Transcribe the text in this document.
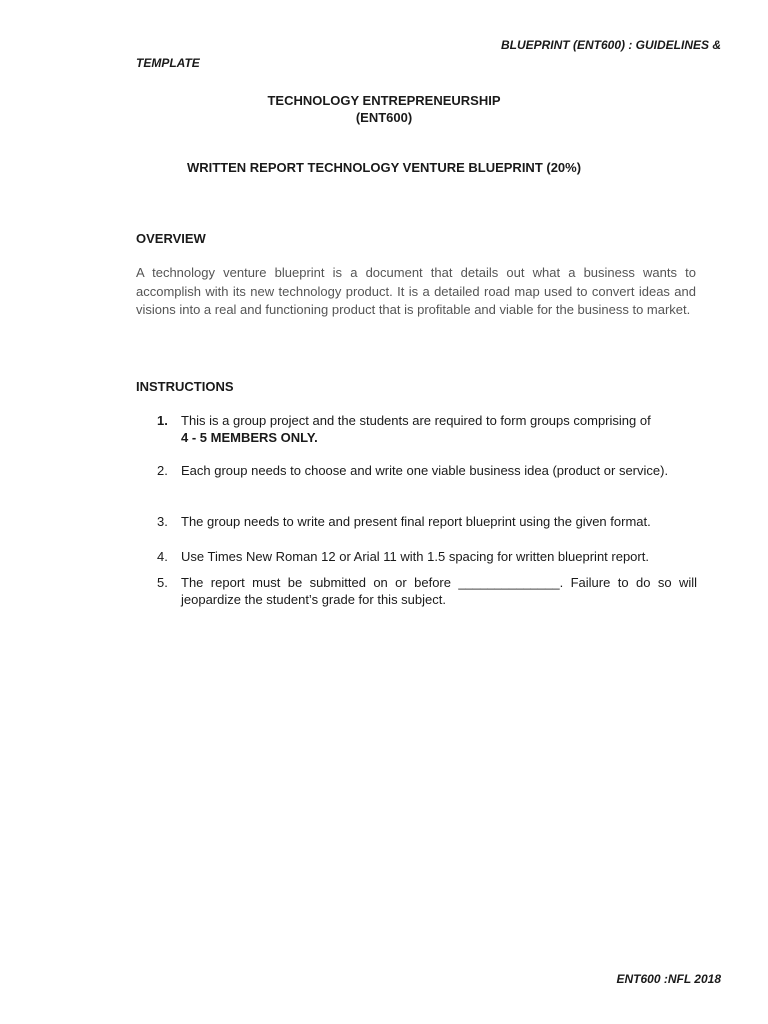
BLUEPRINT (ENT600) : GUIDELINES &
TEMPLATE
TECHNOLOGY ENTREPRENEURSHIP
(ENT600)
WRITTEN REPORT TECHNOLOGY VENTURE BLUEPRINT (20%)
OVERVIEW
A technology venture blueprint is a document that details out what a business wants to accomplish with its new technology product. It is a detailed road map used to convert ideas and visions into a real and functioning product that is profitable and viable for the business to market.
INSTRUCTIONS
1.	This is a group project and the students are required to form groups comprising of
4 - 5 MEMBERS ONLY.
2.	Each group needs to choose and write one viable business idea (product or service).
3.	The group needs to write and present final report blueprint using the given format.
4.	Use Times New Roman 12 or Arial 11 with 1.5 spacing for written blueprint report.
5.	The report must be submitted on or before ______________. Failure to do so will jeopardize the student’s grade for this subject.
ENT600 :NFL 2018
